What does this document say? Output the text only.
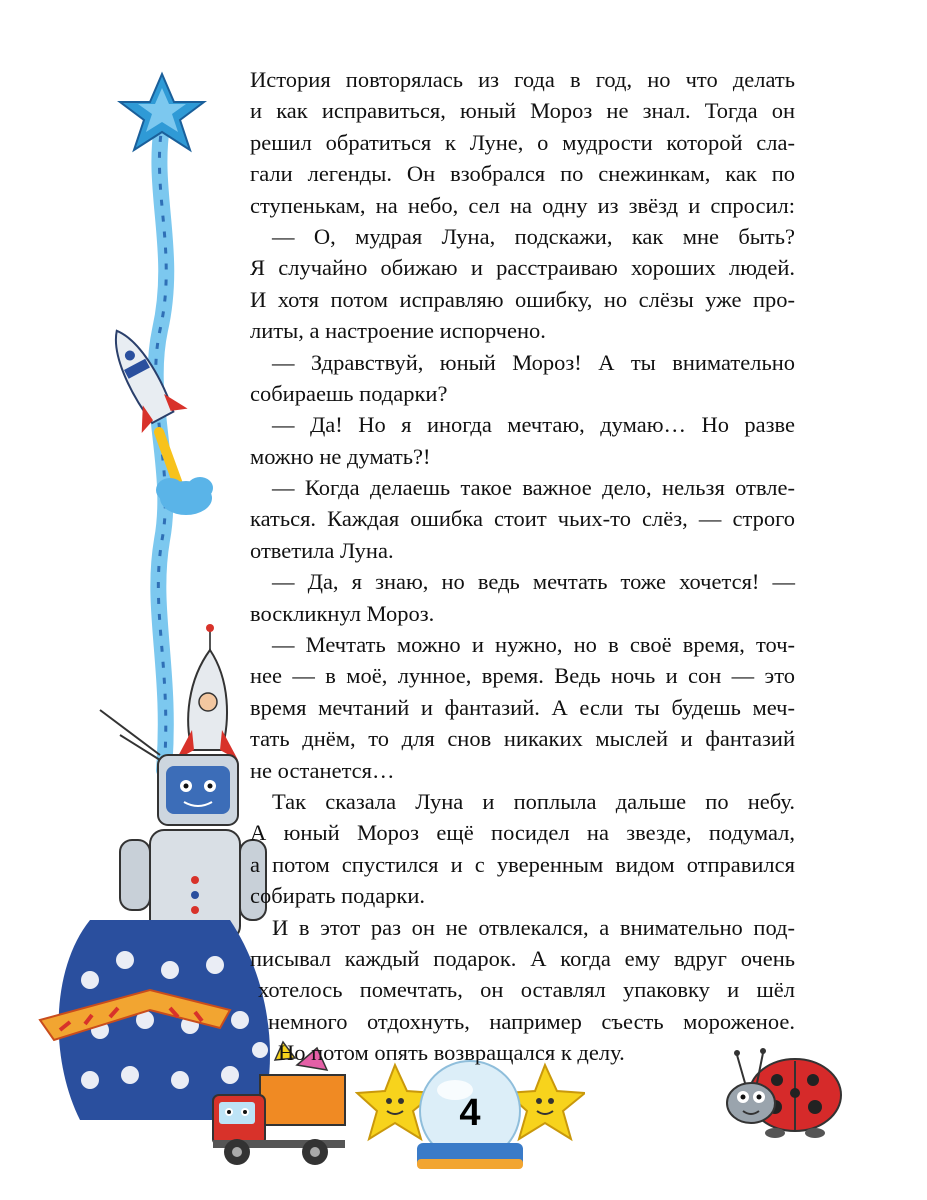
4
История повторялась из года в год, но что делать
и как исправиться, юный Мороз не знал. Тогда он
решил обратиться к Луне, о мудрости которой сла-
гали легенды. Он взобрался по снежинкам, как по
ступенькам, на небо, сел на одну из звёзд и спросил:
— О, мудрая Луна, подскажи, как мне быть?
Я случайно обижаю и расстраиваю хороших людей.
И хотя потом исправляю ошибку, но слёзы уже про-
литы, а настроение испорчено.
— Здравствуй, юный Мороз! А ты внимательно
собираешь подарки?
— Да! Но я иногда мечтаю, думаю… Но разве
можно не думать?!
— Когда делаешь такое важное дело, нельзя отвле-
каться. Каждая ошибка стоит чьих-то слёз, — строго
ответила Луна.
— Да, я знаю, но ведь мечтать тоже хочется! —
воскликнул Мороз.
— Мечтать можно и нужно, но в своё время, точ-
нее — в моё, лунное, время. Ведь ночь и сон — это
время мечтаний и фантазий. А если ты будешь меч-
тать днём, то для снов никаких мыслей и фантазий
не останется…
Так сказала Луна и поплыла дальше по небу.
А юный Мороз ещё посидел на звезде, подумал,
а потом спустился и с уверенным видом отправился
собирать подарки.
И в этот раз он не отвлекался, а внимательно под-
писывал каждый подарок. А когда ему вдруг очень
хотелось помечтать, он оставлял упаковку и шёл
немного отдохнуть, например съесть мороженое.
Но потом опять возвращался к делу.
